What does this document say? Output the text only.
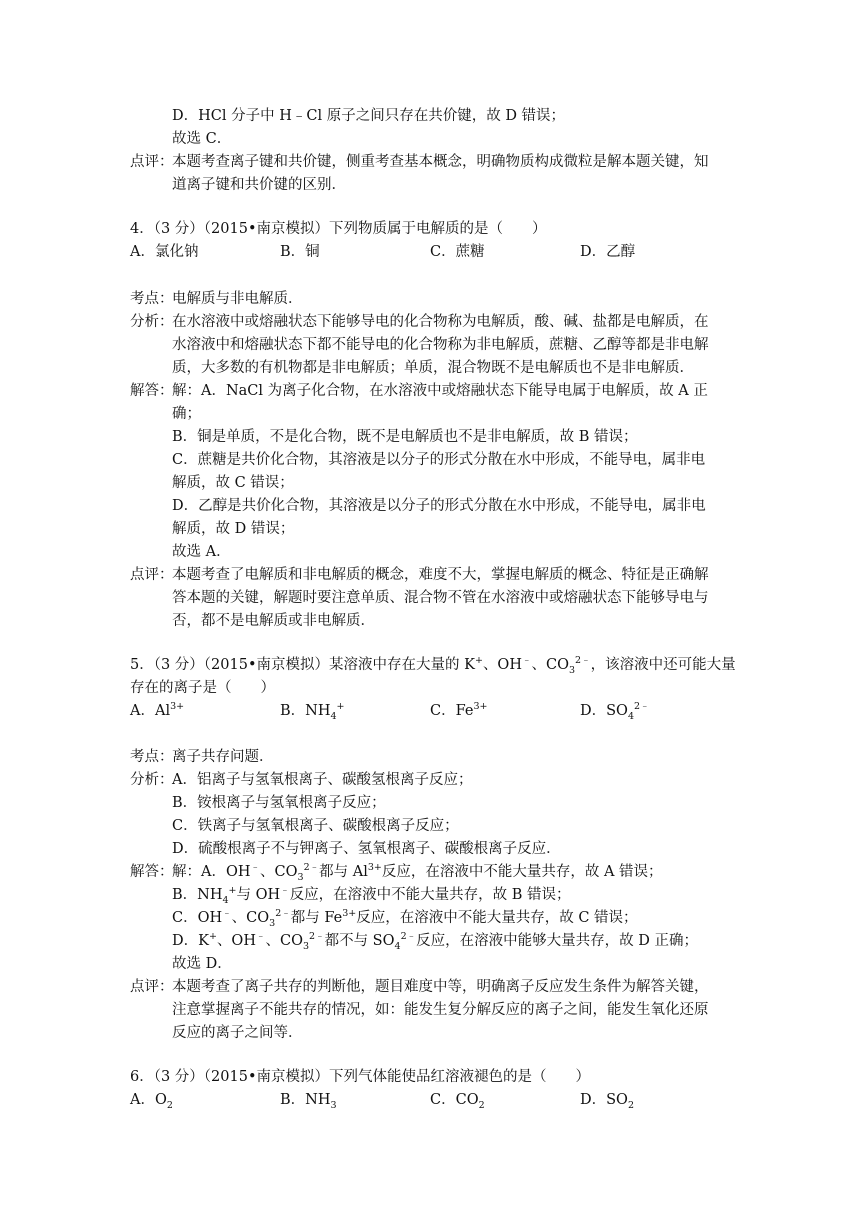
D．HCl 分子中 H﹣Cl 原子之间只存在共价键，故 D 错误；
故选 C．
点评：
本题考查离子键和共价键，侧重考查基本概念，明确物质构成微粒是解本题关键，知
道离子键和共价键的区别．
4．（3 分）（2015•南京模拟）下列物质属于电解质的是（　　）
A．氯化钠	B．铜	C．蔗糖	D．乙醇
考点：
电解质与非电解质．
分析：
在水溶液中或熔融状态下能够导电的化合物称为电解质，酸、碱、盐都是电解质，在
水溶液中和熔融状态下都不能导电的化合物称为非电解质，蔗糖、乙醇等都是非电解
质，大多数的有机物都是非电解质；单质，混合物既不是电解质也不是非电解质．
解答：
解：A．NaCl 为离子化合物，在水溶液中或熔融状态下能导电属于电解质，故 A 正
确；
B．铜是单质，不是化合物，既不是电解质也不是非电解质，故 B 错误；
C．蔗糖是共价化合物，其溶液是以分子的形式分散在水中形成，不能导电，属非电
解质，故 C 错误；
D．乙醇是共价化合物，其溶液是以分子的形式分散在水中形成，不能导电，属非电
解质，故 D 错误；
故选 A．
点评：
本题考查了电解质和非电解质的概念，难度不大，掌握电解质的概念、特征是正确解
答本题的关键，解题时要注意单质、混合物不管在水溶液中或熔融状态下能够导电与
否，都不是电解质或非电解质．
5．（3 分）（2015•南京模拟）某溶液中存在大量的 K+、OH﹣、$CO_3^{2﹣}$，该溶液中还可能大量
存在的离子是（　　）
A．$Al^{3+}$	B．$NH_4^+$	C．$Fe^{3+}$	D．$SO_4^{2﹣}$
考点：
离子共存问题．
分析：
A．铝离子与氢氧根离子、碳酸氢根离子反应；
B．铵根离子与氢氧根离子反应；
C．铁离子与氢氧根离子、碳酸根离子反应；
D．硫酸根离子不与钾离子、氢氧根离子、碳酸根离子反应．
解答：
解：A．OH﹣、$CO_3^{2﹣}$都与 $Al^{3+}$反应，在溶液中不能大量共存，故 A 错误；
B．$NH_4^+$与 OH﹣反应，在溶液中不能大量共存，故 B 错误；
C．OH﹣、$CO_3^{2﹣}$都与 $Fe^{3+}$反应，在溶液中不能大量共存，故 C 错误；
D．K+、OH﹣、$CO_3^{2﹣}$都不与 $SO_4^{2﹣}$反应，在溶液中能够大量共存，故 D 正确；
故选 D．
点评：
本题考查了离子共存的判断他，题目难度中等，明确离子反应发生条件为解答关键，
注意掌握离子不能共存的情况，如：能发生复分解反应的离子之间，能发生氧化还原
反应的离子之间等．
6．（3 分）（2015•南京模拟）下列气体能使品红溶液褪色的是（　　）
A．$O_2$	B．$NH_3$	C．$CO_2$	D．$SO_2$
